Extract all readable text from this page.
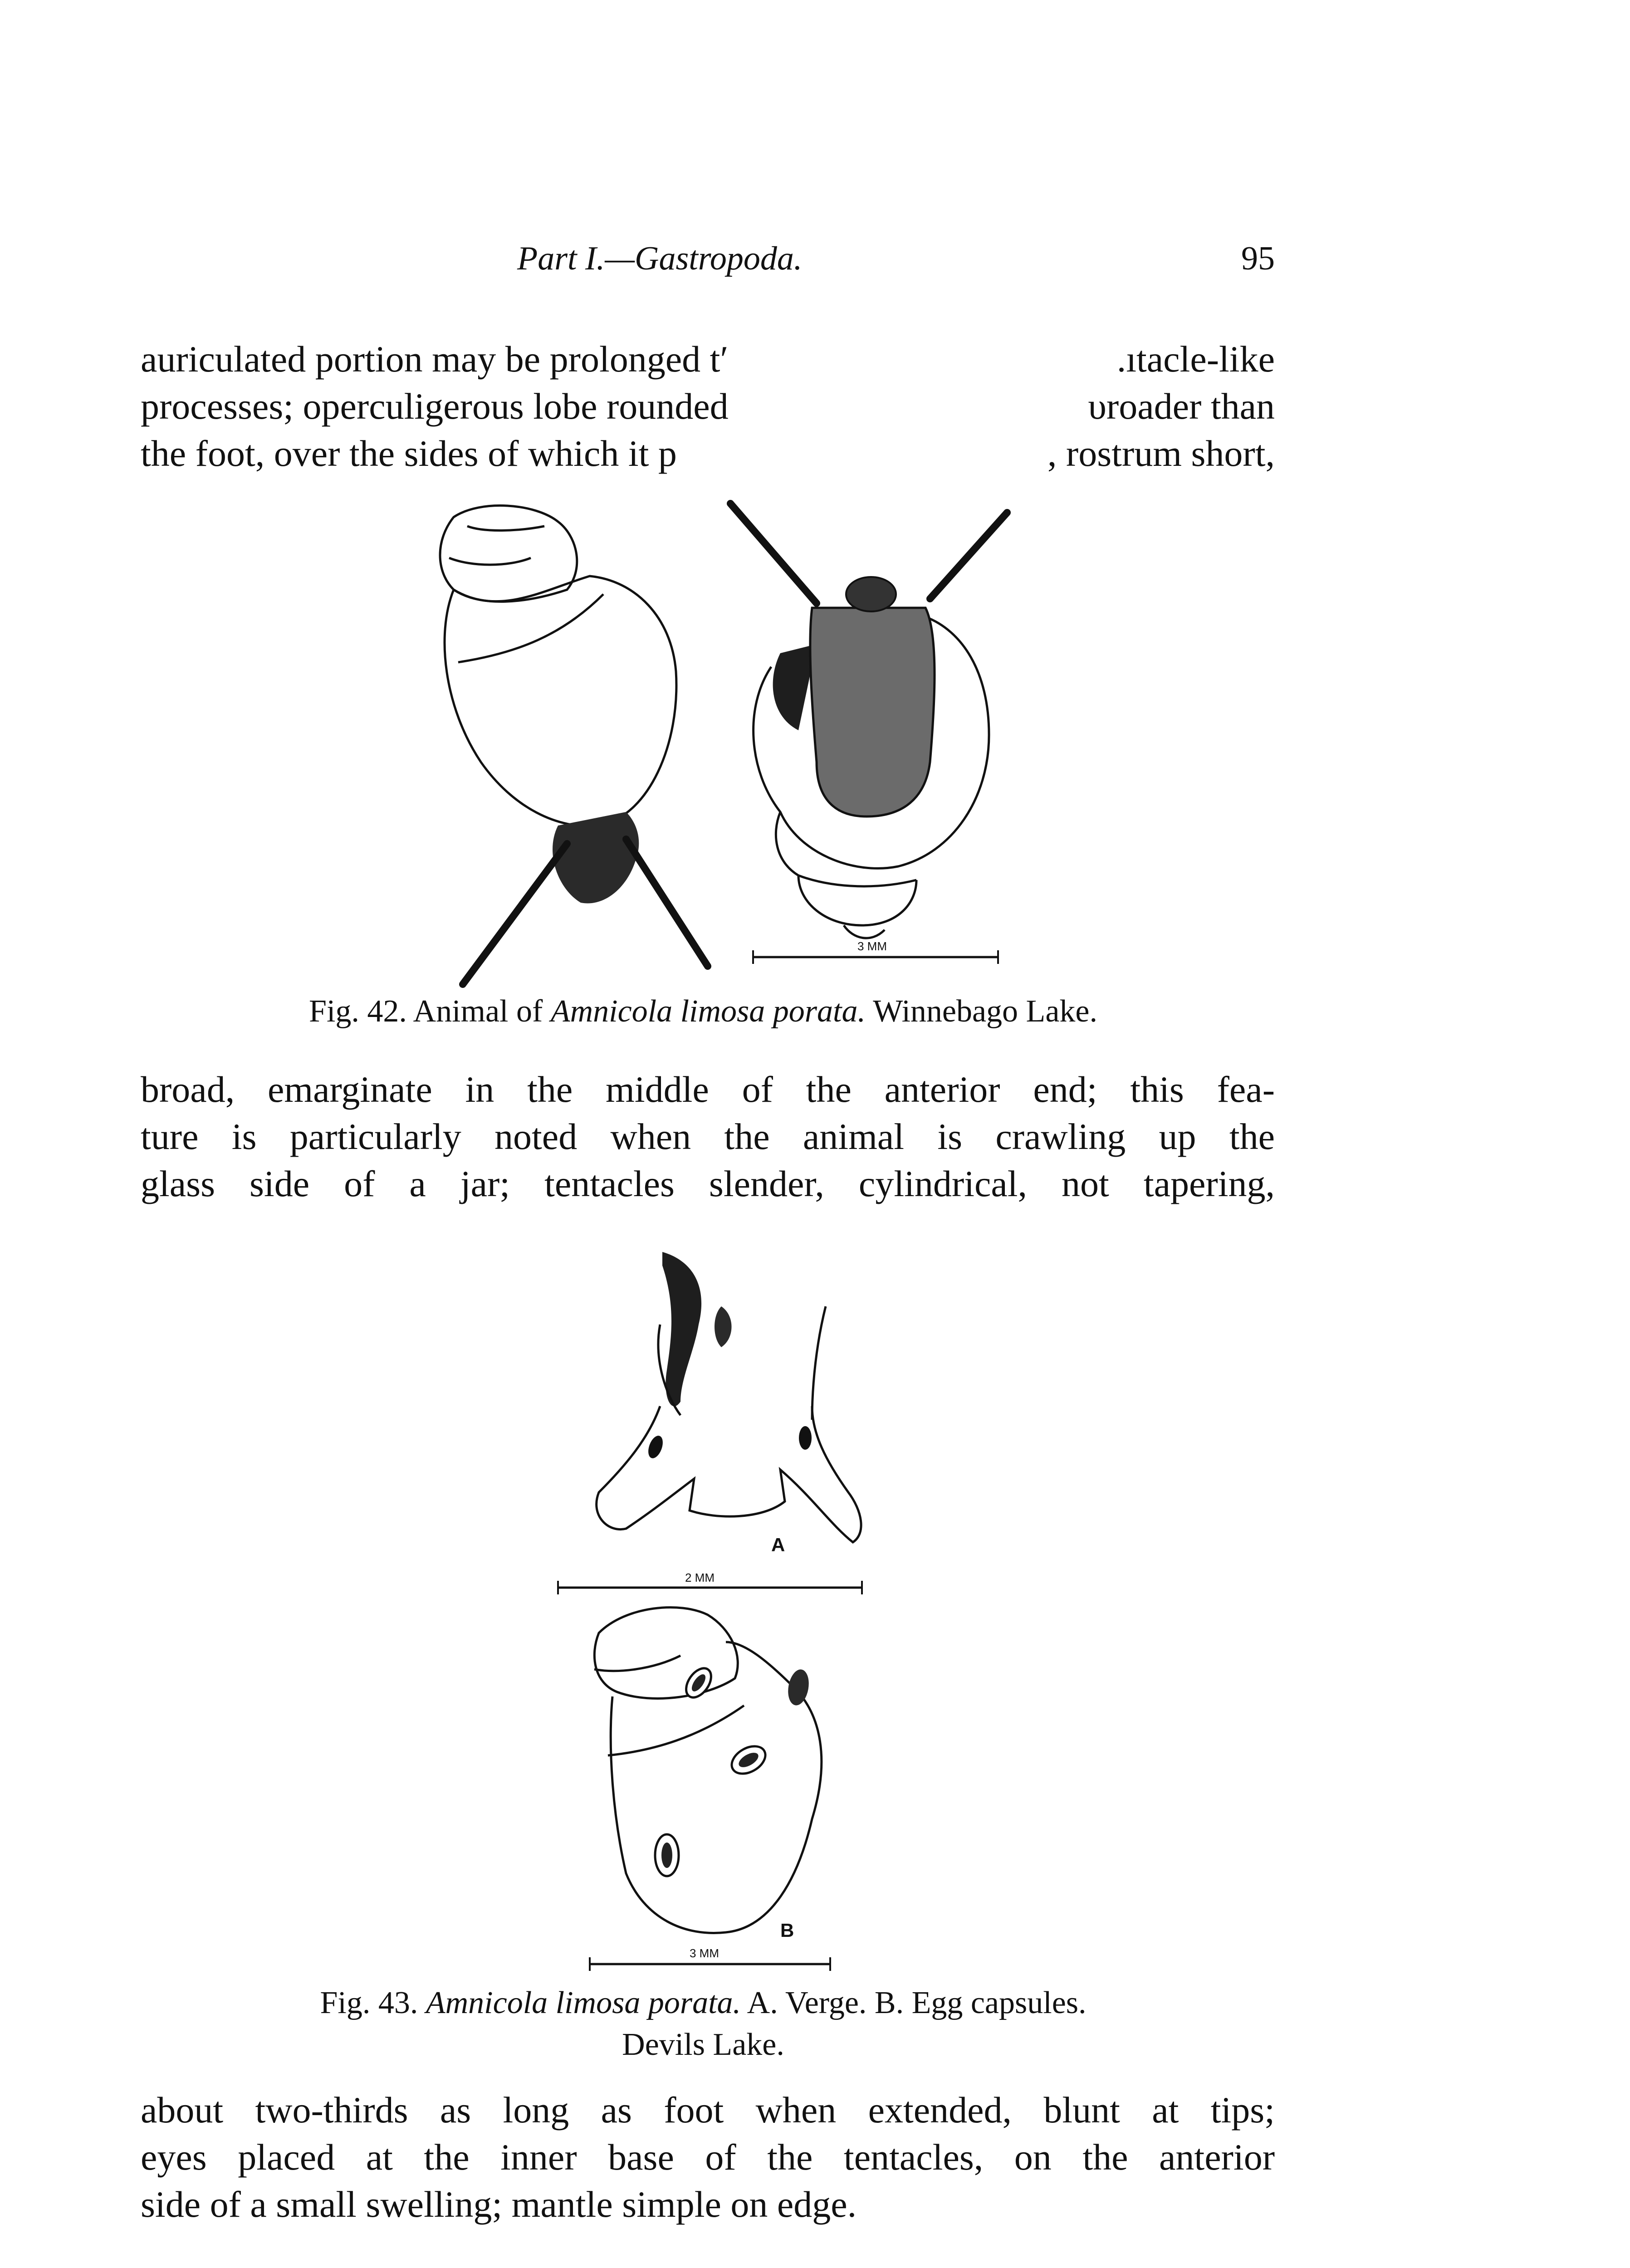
Part I.—Gastropoda.	95
auriculated portion may be prolonged t′	.ıtacle-like
processes; operculigerous lobe rounded	υroader than
the foot, over the sides of which it p	, rostrum short,
3 MM
Fig. 42. Animal of Amnicola limosa porata. Winnebago Lake.
broad, emarginate in the middle of the anterior end; this fea-
ture is particularly noted when the animal is crawling up the
glass side of a jar; tentacles slender, cylindrical, not tapering,
A
2 MM
B
3 MM
Fig. 43. Amnicola limosa porata. A. Verge. B. Egg capsules.
Devils Lake.
about two-thirds as long as foot when extended, blunt at tips;
eyes placed at the inner base of the tentacles, on the anterior
side of a small swelling; mantle simple on edge.
